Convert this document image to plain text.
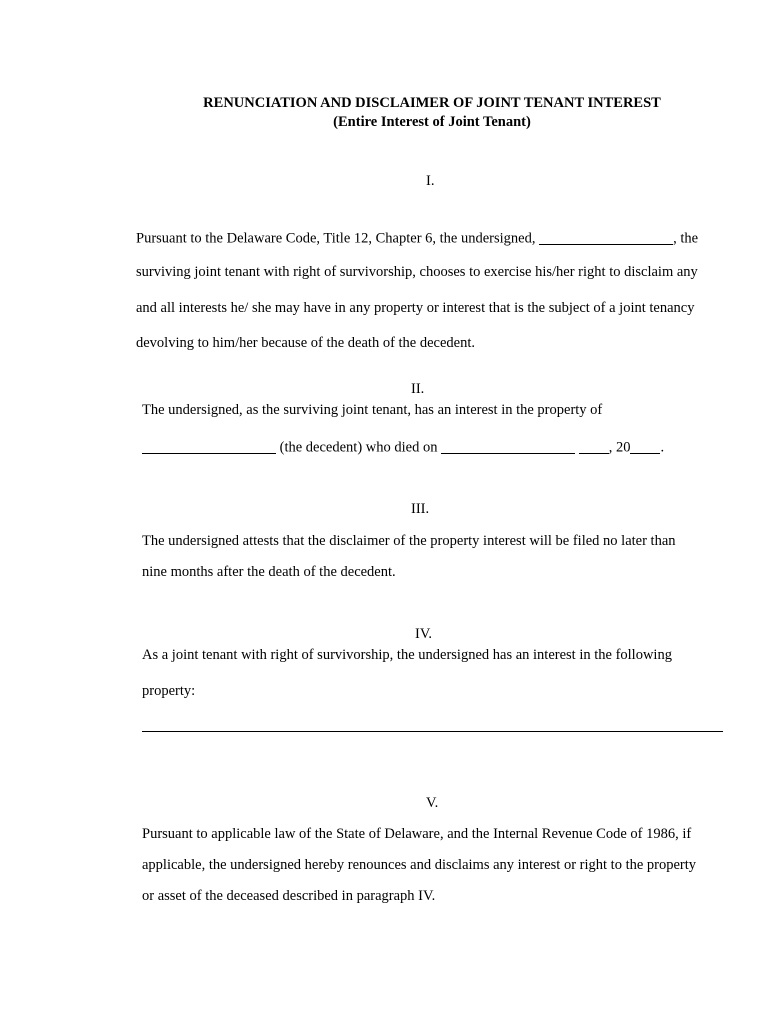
RENUNCIATION AND DISCLAIMER OF JOINT TENANT INTEREST
(Entire Interest of Joint Tenant)
I.
Pursuant to the Delaware Code, Title 12, Chapter 6, the undersigned,	, the
surviving joint tenant with right of survivorship, chooses to exercise his/her right to disclaim any
and all interests he/ she may have in any property or interest that is the subject of a joint tenancy
devolving to him/her because of the death of the decedent.
II.
The undersigned, as the surviving joint tenant, has an interest in the property of
(the decedent) who died on	, 20 .
III.
The undersigned attests that the disclaimer of the property interest will be filed no later than
nine months after the death of the decedent.
IV.
As a joint tenant with right of survivorship, the undersigned has an interest in the following
property:
V.
Pursuant to applicable law of the State of Delaware, and the Internal Revenue Code of 1986, if
applicable, the undersigned hereby renounces and disclaims any interest or right to the property
or asset of the deceased described in paragraph IV.
